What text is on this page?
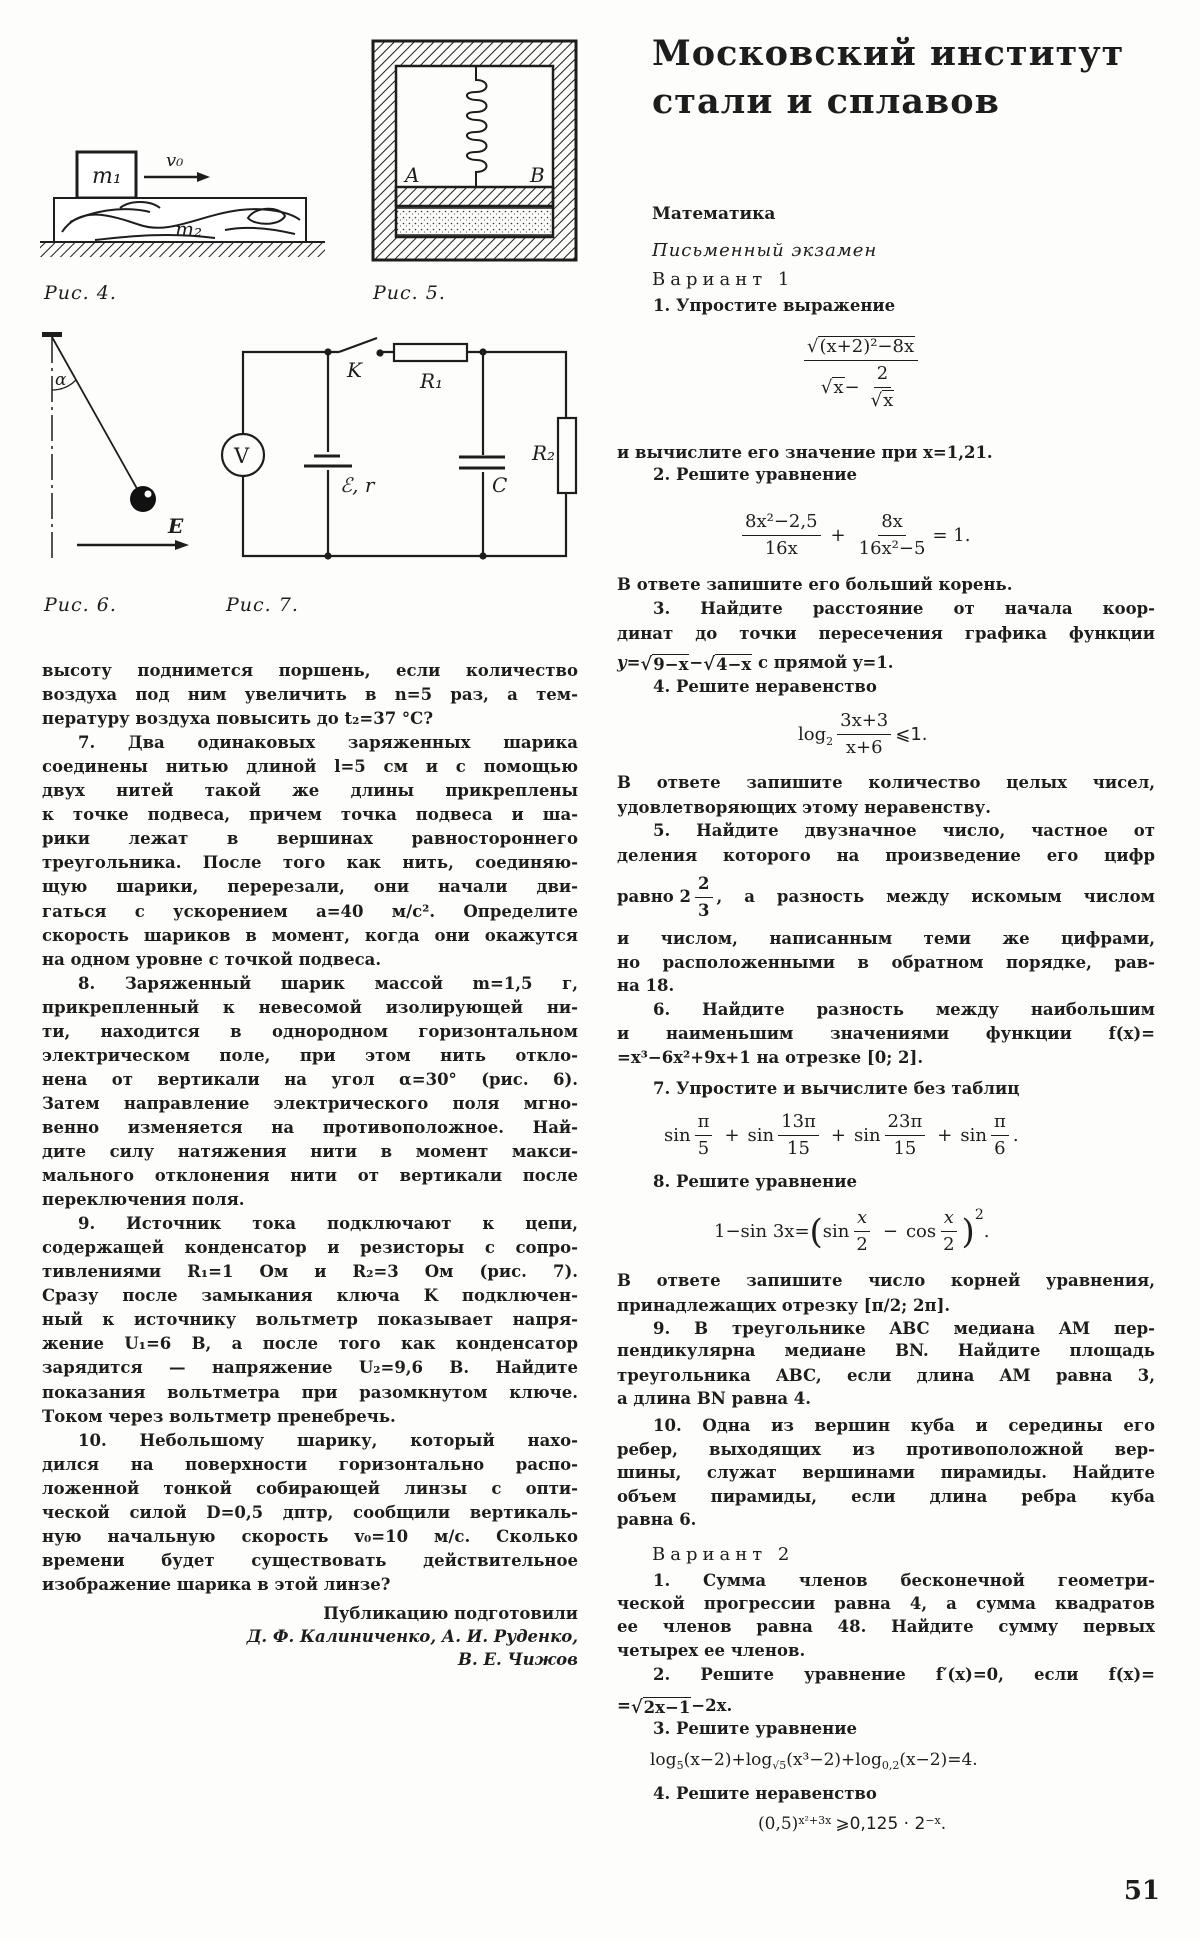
m₁
v₀
m₂
A	B
α
E
V
K	R₁
ℰ, r	C
R₂
Рис. 4.	Рис. 5.
Рис. 6.	Рис. 7.
высоту поднимется поршень, если количество
воздуха под ним увеличить в n=5 раз, а тем-
пературу воздуха повысить до t₂=37 °C?
7. Два одинаковых заряженных шарика
соединены нитью длиной l=5 см и с помощью
двух нитей такой же длины прикреплены
к точке подвеса, причем точка подвеса и ша-
рики лежат в вершинах равностороннего
треугольника. После того как нить, соединяю-
щую шарики, перерезали, они начали дви-
гаться с ускорением a=40 м/с². Определите
скорость шариков в момент, когда они окажутся
на одном уровне с точкой подвеса.
8. Заряженный шарик массой m=1,5 г,
прикрепленный к невесомой изолирующей ни-
ти, находится в однородном горизонтальном
электрическом поле, при этом нить откло-
нена от вертикали на угол α=30° (рис. 6).
Затем направление электрического поля мгно-
венно изменяется на противоположное. Най-
дите силу натяжения нити в момент макси-
мального отклонения нити от вертикали после
переключения поля.
9. Источник тока подключают к цепи,
содержащей конденсатор и резисторы с сопро-
тивлениями R₁=1 Ом и R₂=3 Ом (рис. 7).
Сразу после замыкания ключа K подключен-
ный к источнику вольтметр показывает напря-
жение U₁=6 В, а после того как конденсатор
зарядится — напряжение U₂=9,6 В. Найдите
показания вольтметра при разомкнутом ключе.
Током через вольтметр пренебречь.
10. Небольшому шарику, который нахо-
дился на поверхности горизонтально распо-
ложенной тонкой собирающей линзы с опти-
ческой силой D=0,5 дптр, сообщили вертикаль-
ную начальную скорость v₀=10 м/с. Сколько
времени будет существовать действительное
изображение шарика в этой линзе?
Публикацию подготовили
Д. Ф. Калиниченко, А. И. Руденко,
В. Е. Чижов
Московский институт
стали и сплавов
Математика
Письменный экзамен
Вариант 1
Вариант 2
1. Упростите выражение
и вычислите его значение при x=1,21.
2. Решите уравнение
В ответе запишите его больший корень.
3. Найдите расстояние от начала коор-
динат до точки пересечения графика функции
4. Решите неравенство
В ответе запишите количество целых чисел,
удовлетворяющих этому неравенству.
5. Найдите двузначное число, частное от
деления которого на произведение его цифр
и числом, написанным теми же цифрами,
но расположенными в обратном порядке, рав-
на 18.
6. Найдите разность между наибольшим
и наименьшим значениями функции f(x)=
=x³−6x²+9x+1 на отрезке [0; 2].
7. Упростите и вычислите без таблиц
8. Решите уравнение
В ответе запишите число корней уравнения,
принадлежащих отрезку [π/2; 2π].
9. В треугольнике ABC медиана AM пер-
пендикулярна медиане BN. Найдите площадь
треугольника ABC, если длина AM равна 3,
а длина BN равна 4.
10. Одна из вершин куба и середины его
ребер, выходящих из противоположной вер-
шины, служат вершинами пирамиды. Найдите
объем пирамиды, если длина ребра куба
равна 6.
1. Сумма членов бесконечной геометри-
ческой прогрессии равна 4, а сумма квадратов
ее членов равна 48. Найдите сумму первых
четырех ее членов.
2. Решите уравнение f′(x)=0, если f(x)=
3. Решите уравнение
4. Решите неравенство
$\frac{\text{√ (x+2)²−8x}}{√ x - \frac{2}{√ x}}$
$\frac{\text{8x²−2,5}}{16x} + \frac{8x}{\text{16x²−5}} = 1$.
y= √ 9−x − √ 4−x с прямой y=1.
$\log_2 \frac{3x+3}{x+6}$ ⩽1.
равно $2 \frac{2}{3}$ , а разность между искомым числом
$\sin \frac{\pi}{5} + \sin \frac{13\pi}{15} + \sin \frac{23\pi}{15} + \sin \frac{\pi}{6}$ .
1−sin 3x= ( $\sin \frac{x}{2} - \cos \frac{x}{2} )^2$
.
= √ 2x−1 −2x.
$\log_5 (x-2)+\log_{√5}$ $(x^3-2)+\log_{0,2}$ (x−2)=4.
$(0,5)^{x^2+3x}$ ⩾0,125 · $2^{-x}$ .
51
